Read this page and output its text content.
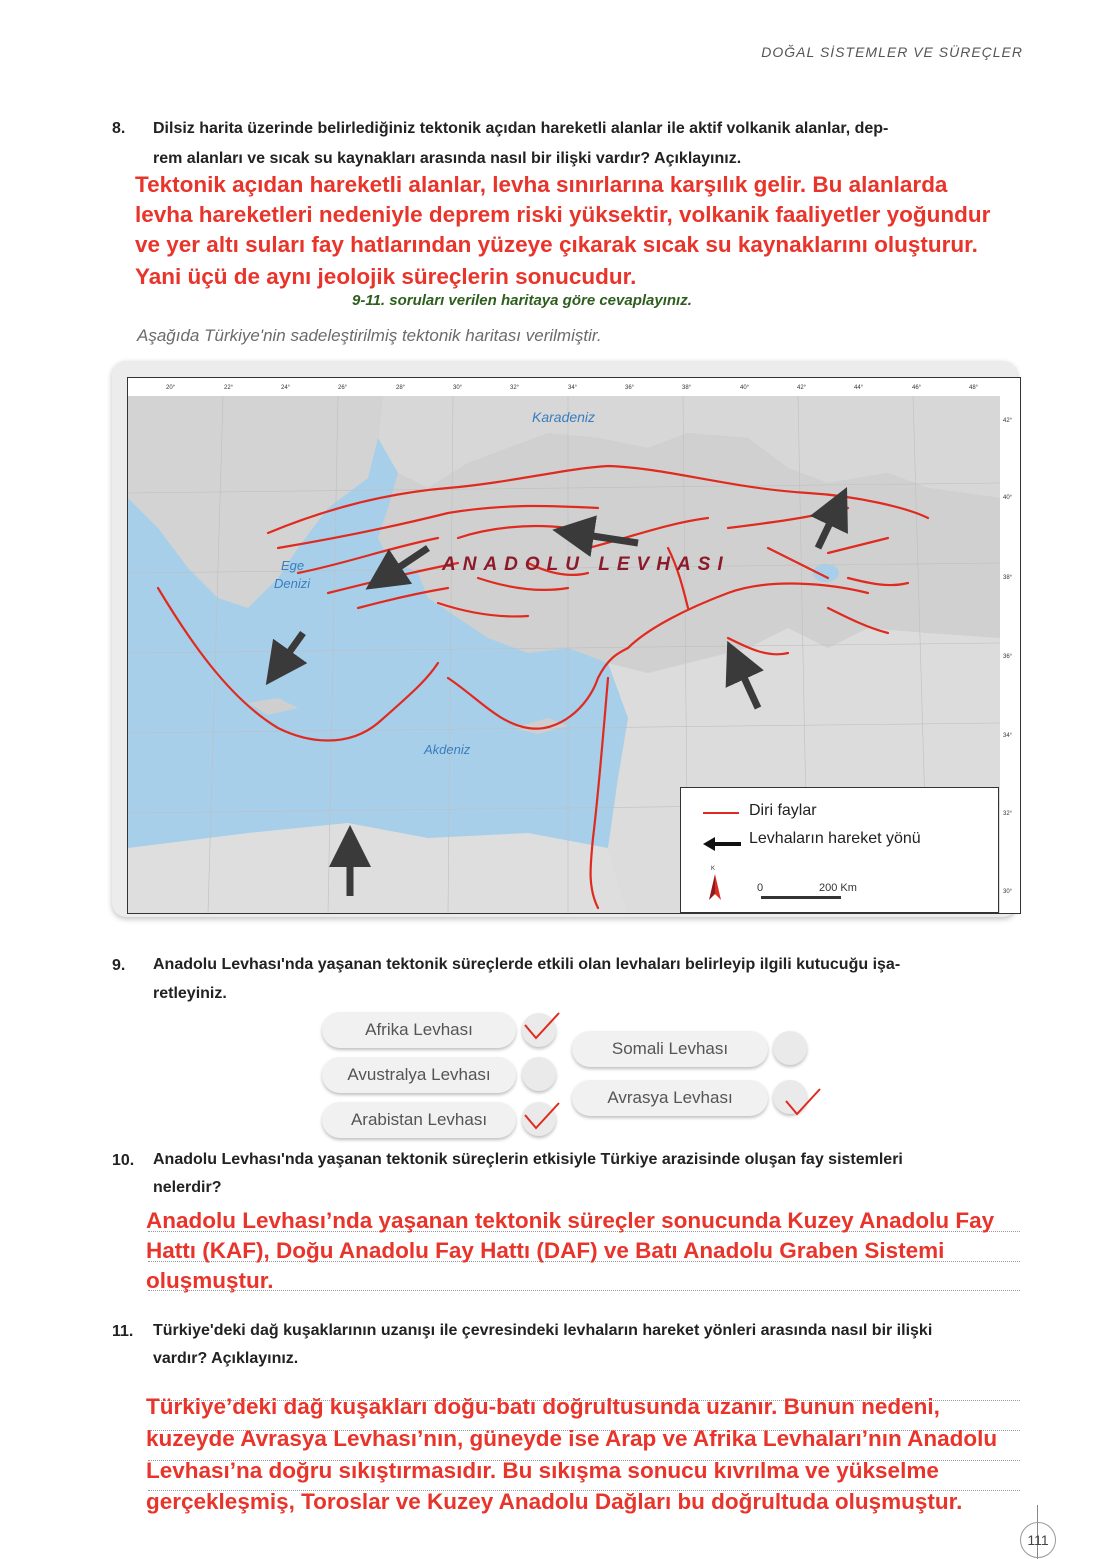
DOĞAL SİSTEMLER VE SÜREÇLER
8. Dilsiz harita üzerinde belirlediğiniz tektonik açıdan hareketli alanlar ile aktif volkanik alanlar, dep-
rem alanları ve sıcak su kaynakları arasında nasıl bir ilişki vardır? Açıklayınız.
Tektonik açıdan hareketli alanlar, levha sınırlarına karşılık gelir. Bu alanlarda
levha hareketleri nedeniyle deprem riski yüksektir, volkanik faaliyetler yoğundur
ve yer altı suları fay hatlarından yüzeye çıkarak sıcak su kaynaklarını oluşturur.
Yani üçü de aynı jeolojik süreçlerin sonucudur.
9-11. soruları verilen haritaya göre cevaplayınız.
Aşağıda Türkiye'nin sadeleştirilmiş tektonik haritası verilmiştir.
20°	22°	24°	26°	28°	30°	32°	34°	36°	38°	40°	42°	44°	46°	48°
42°
40°
38°
36°
34°
32°
30°
Karadeniz
Ege
Denizi
Akdeniz
ANADOLU LEVHASI
Diri faylar
Levhaların hareket yönü
K
0	200 Km
9. Anadolu Levhası'nda yaşanan tektonik süreçlerde etkili olan levhaları belirleyip ilgili kutucuğu işa-
retleyiniz.
Afrika Levhası
Avustralya Levhası
Arabistan Levhası
Somali Levhası
Avrasya Levhası
10. Anadolu Levhası'nda yaşanan tektonik süreçlerin etkisiyle Türkiye arazisinde oluşan fay sistemleri
nelerdir?
Anadolu Levhası’nda yaşanan tektonik süreçler sonucunda Kuzey Anadolu Fay
Hattı (KAF), Doğu Anadolu Fay Hattı (DAF) ve Batı Anadolu Graben Sistemi
oluşmuştur.
11. Türkiye'deki dağ kuşaklarının uzanışı ile çevresindeki levhaların hareket yönleri arasında nasıl bir ilişki
vardır? Açıklayınız.
Türkiye’deki dağ kuşakları doğu-batı doğrultusunda uzanır. Bunun nedeni,
kuzeyde Avrasya Levhası’nın, güneyde ise Arap ve Afrika Levhaları’nın Anadolu
Levhası’na doğru sıkıştırmasıdır. Bu sıkışma sonucu kıvrılma ve yükselme
gerçekleşmiş, Toroslar ve Kuzey Anadolu Dağları bu doğrultuda oluşmuştur.
111
